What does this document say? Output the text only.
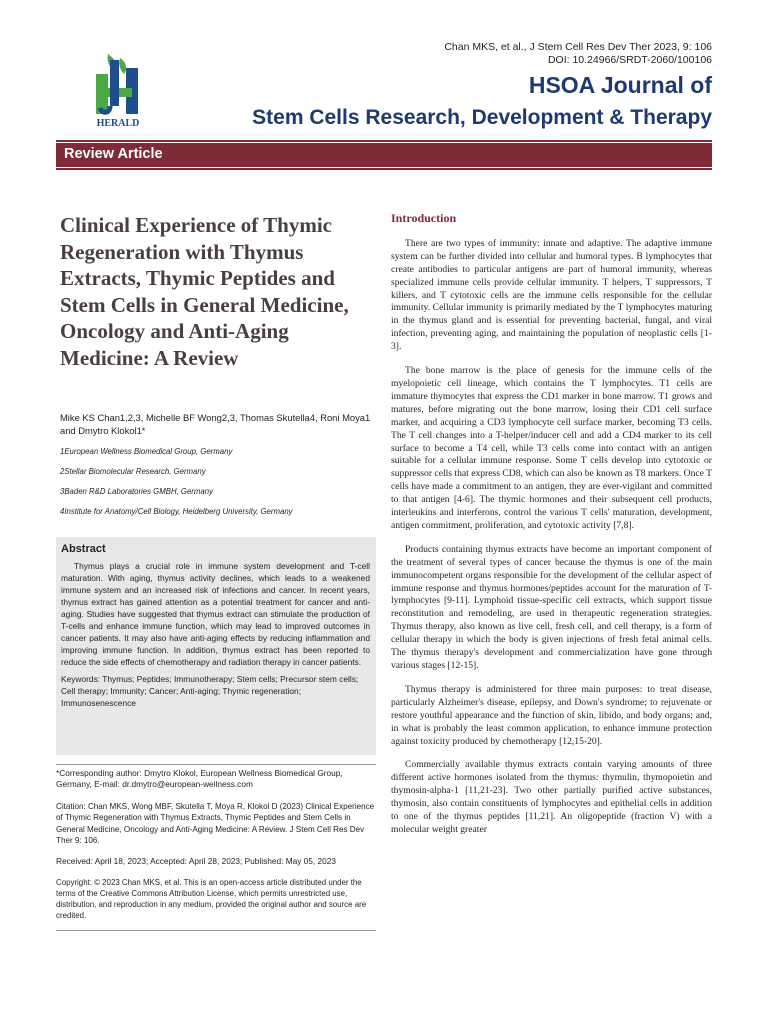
Chan MKS, et al., J Stem Cell Res Dev Ther 2023, 9: 106
DOI: 10.24966/SRDT-2060/100106
HERALD
HSOA Journal of
Stem Cells Research, Development & Therapy
Review Article
Clinical Experience of Thymic Regeneration with Thymus Extracts, Thymic Peptides and Stem Cells in General Medicine, Oncology and Anti-Aging Medicine: A Review
Mike KS Chan1,2,3, Michelle BF Wong2,3, Thomas Skutella4, Roni Moya1 and Dmytro Klokol1*
1European Wellness Biomedical Group, Germany
2Stellar Biomolecular Research, Germany
3Baden R&D Laboratories GMBH, Germany
4Institute for Anatomy/Cell Biology, Heidelberg University, Germany
Abstract

Thymus plays a crucial role in immune system development and T-cell maturation. With aging, thymus activity declines, which leads to a weakened immune system and an increased risk of infections and cancer. In recent years, thymus extract has gained attention as a potential treatment for cancer and anti-aging. Studies have suggested that thymus extract can stimulate the production of T-cells and enhance immune function, which may lead to improved outcomes in cancer patients. It may also have anti-aging effects by reducing inflammation and improving immune function. In addition, thymus extract has been reported to reduce the side effects of chemotherapy and radiation therapy in cancer patients.

Keywords: Thymus; Peptides; Immunotherapy; Stem cells; Precursor stem cells; Cell therapy; Immunity; Cancer; Anti-aging; Thymic regeneration; Immunosenescence

*Corresponding author: Dmytro Klokol, European Wellness Biomedical Group, Germany, E-mail: dr.dmytro@european-wellness.com
Citation: Chan MKS, Wong MBF, Skutella T, Moya R, Klokol D (2023) Clinical Experience of Thymic Regeneration with Thymus Extracts, Thymic Peptides and Stem Cells in General Medicine, Oncology and Anti-Aging Medicine: A Review. J Stem Cell Res Dev Ther 9: 106.
Received: April 18, 2023; Accepted: April 28, 2023; Published: May 05, 2023
Copyright: © 2023 Chan MKS, et al. This is an open-access article distributed under the terms of the Creative Commons Attribution License, which permits unrestricted use, distribution, and reproduction in any medium, provided the original author and source are credited.
Introduction

There are two types of immunity: innate and adaptive. The adaptive immune system can be further divided into cellular and humoral types. B lymphocytes that create antibodies to particular antigens are part of humoral immunity, whereas specialized immune cells provide cellular immunity. T helpers, T suppressors, T killers, and T cytotoxic cells are the immune cells responsible for the cellular immunity. Cellular immunity is primarily mediated by the T lymphocytes maturing in the thymus gland and is essential for preventing bacterial, fungal, and viral infection, preventing aging, and maintaining the population of neoplastic cells [1-3].

The bone marrow is the place of genesis for the immune cells of the myelopoietic cell lineage, which contains the T lymphocytes. T1 cells are immature thymocytes that express the CD1 marker in bone marrow. T1 grows and matures, before migrating out the bone marrow, losing their CD1 cell surface marker, and acquiring a CD3 lymphocyte cell surface marker, becoming T3 cells. The T cell changes into a T-helper/inducer cell and add a CD4 marker to its cell surface to become a T4 cell, while T3 cells come into contact with an antigen suitable for a cellular immune response. Some T cells develop into cytotoxic or suppressor cells that express CD8, which can also be known as T8 markers. Once T cells have made a commitment to an antigen, they are ever-vigilant and committed to that antigen [4-6]. The thymic hormones and their subsequent cell products, interleukins and interferons, control the various T cells' maturation, development, antigen commitment, proliferation, and cytotoxic activity [7,8].

Products containing thymus extracts have become an important component of the treatment of several types of cancer because the thymus is one of the main immunocompetent organs responsible for the development of the cellular aspect of immune response and thymus hormones/peptides account for the maturation of T-lymphocytes [9-11]. Lymphoid tissue-specific cell extracts, which support tissue reconstitution and remodeling, are used in therapeutic regeneration strategies. Thymus therapy, also known as live cell, fresh cell, and cell therapy, is a form of cellular therapy in which the body is given injections of fresh fetal animal cells. The thymus therapy's development and commercialization have gone through various stages [12-15].

Thymus therapy is administered for three main purposes: to treat disease, particularly Alzheimer's disease, epilepsy, and Down's syndrome; to rejuvenate or restore youthful appearance and the function of skin, libido, and body organs; and, in what is probably the least common application, to enhance immune protection against toxicity produced by chemotherapy [12,15-20].

Commercially available thymus extracts contain varying amounts of three different active hormones isolated from the thymus: thymulin, thymopoietin and thymosin-alpha-1 [11,21-23]. Two other partially purified active substances, thymosin, also contain constituents of lymphocytes and epithelial cells in addition to one of the thymus peptides [11,21]. An oligopeptide (fraction V) with a molecular weight greater
